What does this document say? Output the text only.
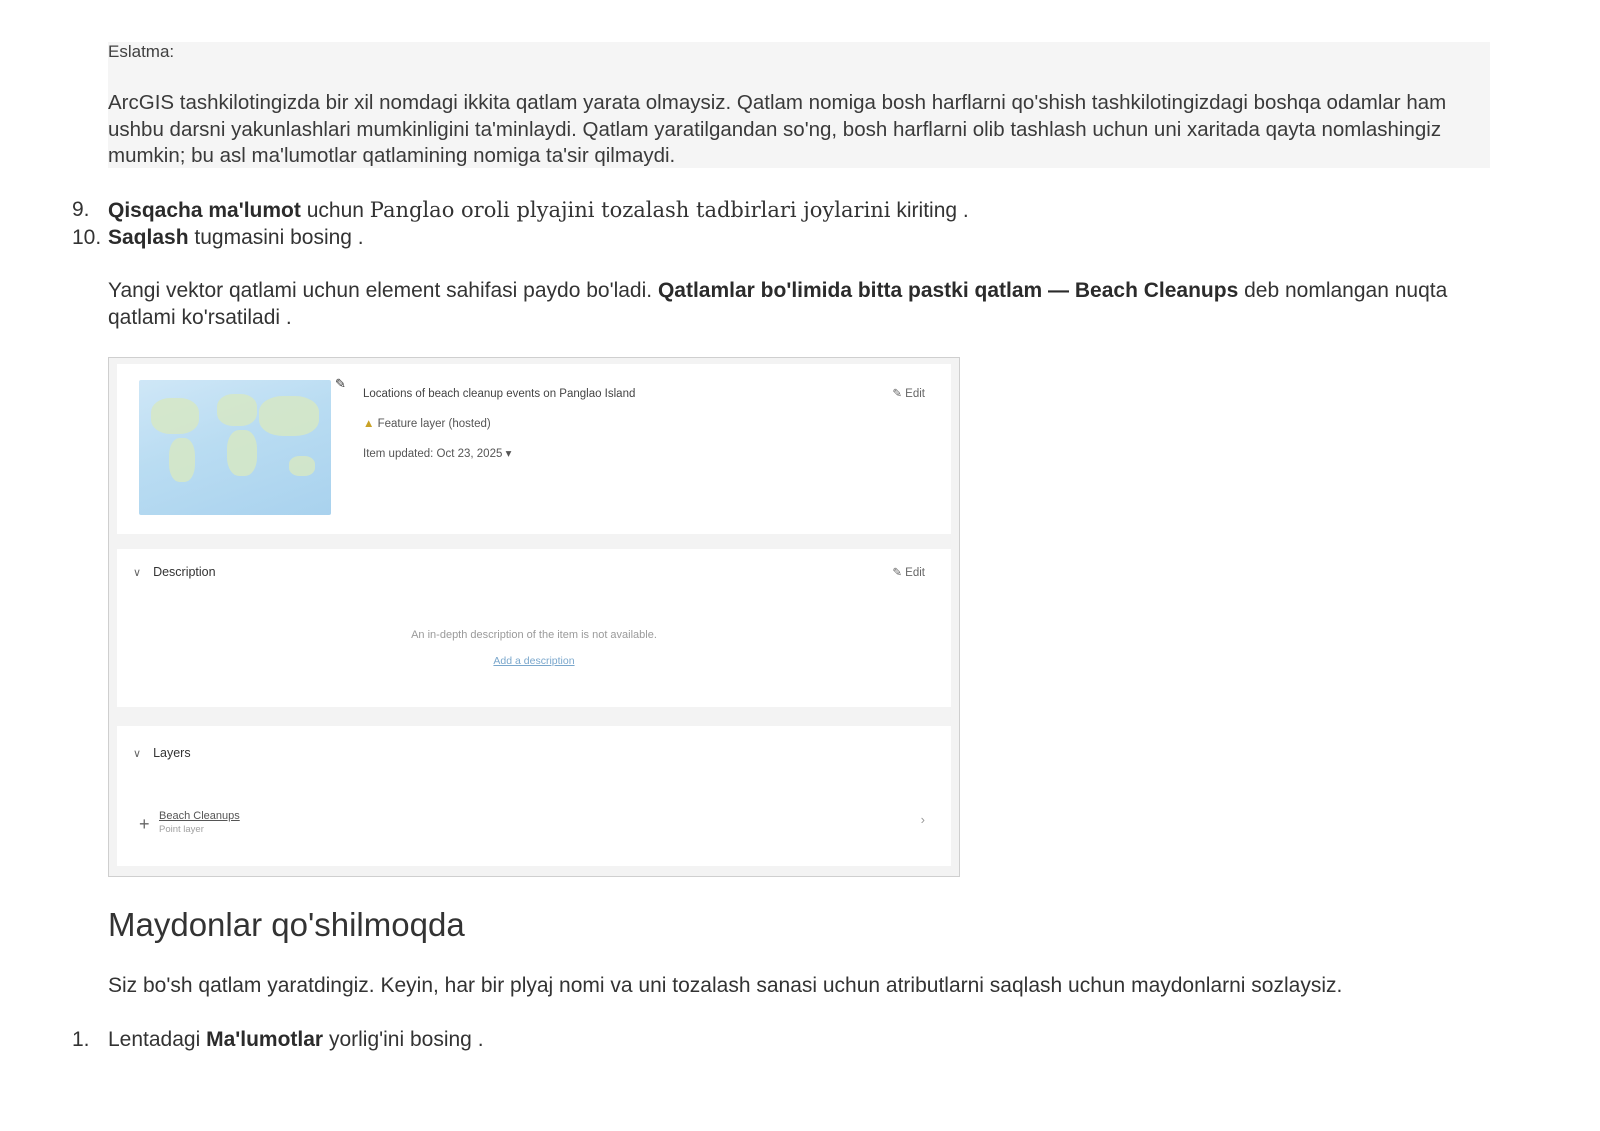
Eslatma:
ArcGIS tashkilotingizda bir xil nomdagi ikkita qatlam yarata olmaysiz. Qatlam nomiga bosh harflarni qo'shish tashkilotingizdagi boshqa odamlar ham ushbu darsni yakunlashlari mumkinligini ta'minlaydi. Qatlam yaratilgandan so'ng, bosh harflarni olib tashlash uchun uni xaritada qayta nomlashingiz mumkin; bu asl ma'lumotlar qatlamining nomiga ta'sir qilmaydi.
9. Qisqacha ma'lumot uchun Panglao oroli plyajini tozalash tadbirlari joylarini kiriting .
10. Saqlash tugmasini bosing .
Yangi vektor qatlami uchun element sahifasi paydo bo'ladi. Qatlamlar bo'limida bitta pastki qatlam — Beach Cleanups deb nomlangan nuqta qatlami ko'rsatiladi .
✎
Locations of beach cleanup events on Panglao Island
▲ Feature layer (hosted)
Item updated: Oct 23, 2025 ▾
✎ Edit
∨ Description	✎ Edit
An in-depth description of the item is not available.
Add a description
∨ Layers
+ Beach Cleanups
Point layer
›
Maydonlar qo'shilmoqda
Siz bo'sh qatlam yaratdingiz. Keyin, har bir plyaj nomi va uni tozalash sanasi uchun atributlarni saqlash uchun maydonlarni sozlaysiz.
1. Lentadagi Ma'lumotlar yorlig'ini bosing .
